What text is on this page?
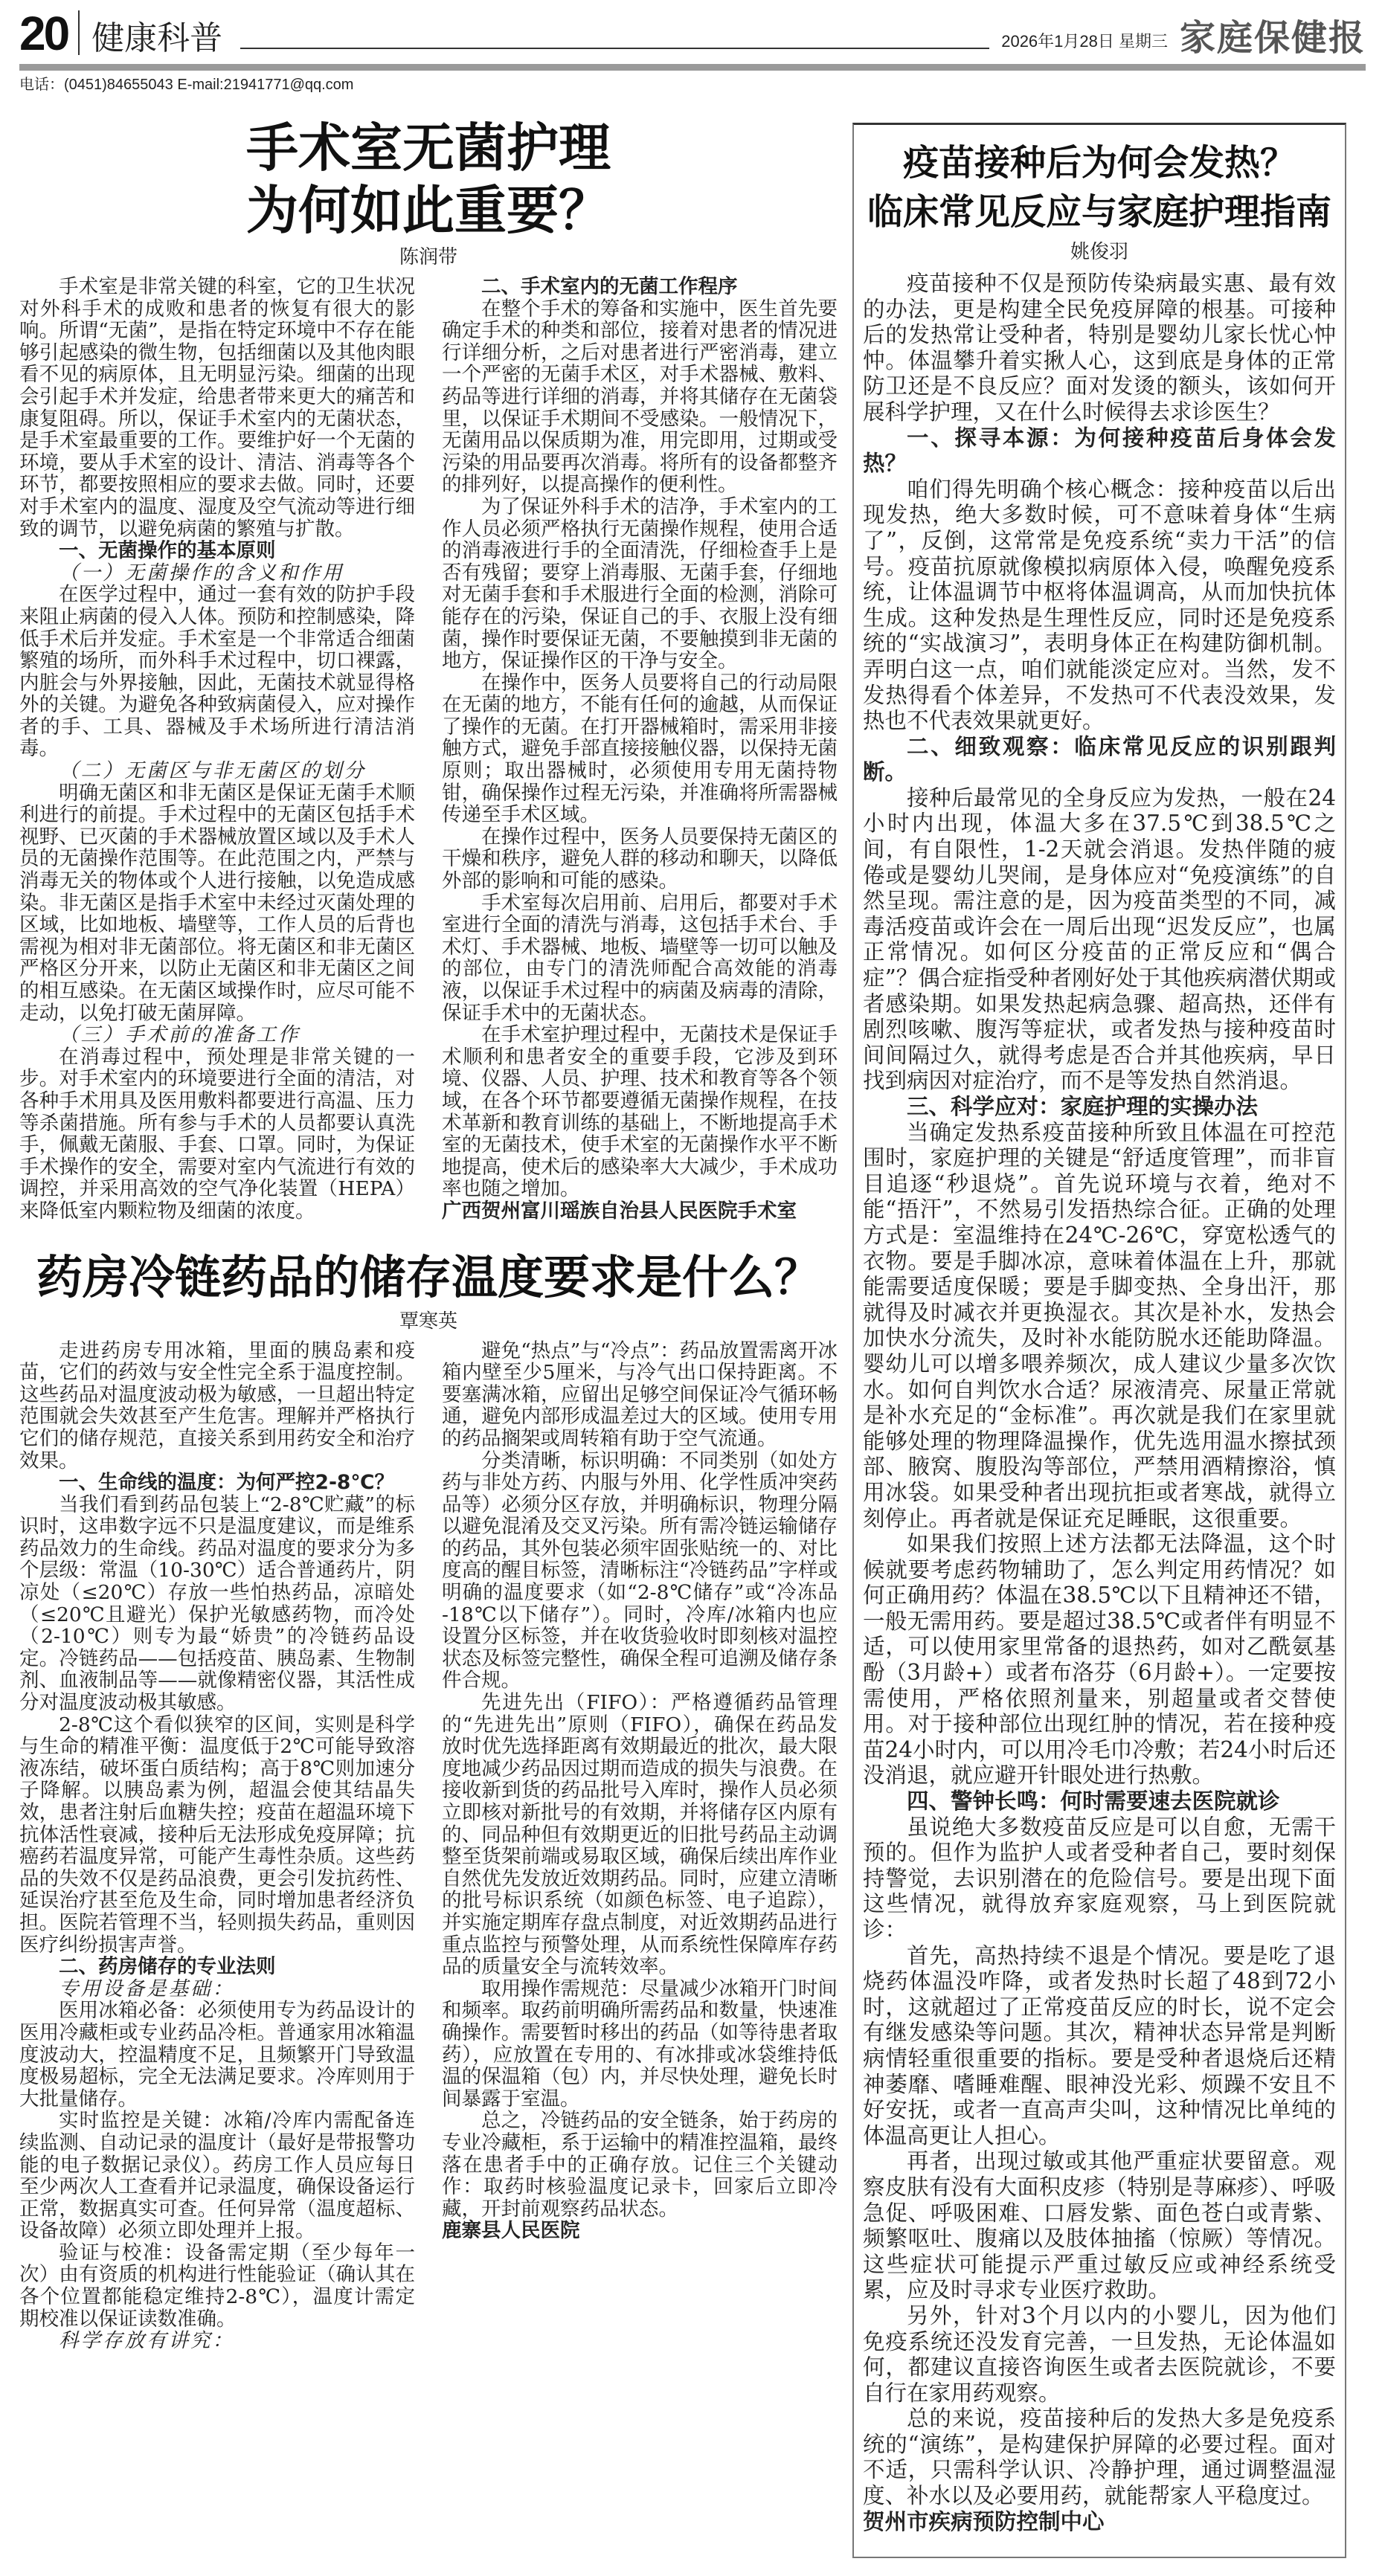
20 健康科普	2026年1月28日 星期三 家庭保健报
电话：(0451)84655043 E-mail:21941771@qq.com
手术室无菌护理
为何如此重要？
陈润带

手术室是非常关键的科室，它的卫生状况对外科手术的成败和患者的恢复有很大的影响。所谓“无菌”，是指在特定环境中不存在能够引起感染的微生物，包括细菌以及其他肉眼看不见的病原体，且无明显污染。细菌的出现会引起手术并发症，给患者带来更大的痛苦和康复阻碍。所以，保证手术室内的无菌状态，是手术室最重要的工作。要维护好一个无菌的环境，要从手术室的设计、清洁、消毒等各个环节，都要按照相应的要求去做。同时，还要对手术室内的温度、湿度及空气流动等进行细致的调节，以避免病菌的繁殖与扩散。

一、无菌操作的基本原则

（一）无菌操作的含义和作用

在医学过程中，通过一套有效的防护手段来阻止病菌的侵入人体。预防和控制感染，降低手术后并发症。手术室是一个非常适合细菌繁殖的场所，而外科手术过程中，切口裸露，内脏会与外界接触，因此，无菌技术就显得格外的关键。为避免各种致病菌侵入，应对操作者的手、工具、器械及手术场所进行清洁消毒。

（二）无菌区与非无菌区的划分

明确无菌区和非无菌区是保证无菌手术顺利进行的前提。手术过程中的无菌区包括手术视野、已灭菌的手术器械放置区域以及手术人员的无菌操作范围等。在此范围之内，严禁与消毒无关的物体或个人进行接触，以免造成感染。非无菌区是指手术室中未经过灭菌处理的区域，比如地板、墙壁等，工作人员的后背也需视为相对非无菌部位。将无菌区和非无菌区严格区分开来，以防止无菌区和非无菌区之间的相互感染。在无菌区域操作时，应尽可能不走动，以免打破无菌屏障。

（三）手术前的准备工作

在消毒过程中，预处理是非常关键的一步。对手术室内的环境要进行全面的清洁，对各种手术用具及医用敷料都要进行高温、压力等杀菌措施。所有参与手术的人员都要认真洗手，佩戴无菌服、手套、口罩。同时，为保证手术操作的安全，需要对室内气流进行有效的调控，并采用高效的空气净化装置（HEPA）来降低室内颗粒物及细菌的浓度。

二、手术室内的无菌工作程序

在整个手术的筹备和实施中，医生首先要确定手术的种类和部位，接着对患者的情况进行详细分析，之后对患者进行严密消毒，建立一个严密的无菌手术区，对手术器械、敷料、药品等进行详细的消毒，并将其储存在无菌袋里，以保证手术期间不受感染。一般情况下，无菌用品以保质期为准，用完即用，过期或受污染的用品要再次消毒。将所有的设备都整齐的排列好，以提高操作的便利性。

为了保证外科手术的洁净，手术室内的工作人员必须严格执行无菌操作规程，使用合适的消毒液进行手的全面清洗，仔细检查手上是否有残留；要穿上消毒服、无菌手套，仔细地对无菌手套和手术服进行全面的检测，消除可能存在的污染，保证自己的手、衣服上没有细菌，操作时要保证无菌，不要触摸到非无菌的地方，保证操作区的干净与安全。

在操作中，医务人员要将自己的行动局限在无菌的地方，不能有任何的逾越，从而保证了操作的无菌。在打开器械箱时，需采用非接触方式，避免手部直接接触仪器，以保持无菌原则；取出器械时，必须使用专用无菌持物钳，确保操作过程无污染，并准确将所需器械传递至手术区域。

在操作过程中，医务人员要保持无菌区的干燥和秩序，避免人群的移动和聊天，以降低外部的影响和可能的感染。

手术室每次启用前、启用后，都要对手术室进行全面的清洗与消毒，这包括手术台、手术灯、手术器械、地板、墙壁等一切可以触及的部位，由专门的清洗师配合高效能的消毒液，以保证手术过程中的病菌及病毒的清除，保证手术中的无菌状态。

在手术室护理过程中，无菌技术是保证手术顺利和患者安全的重要手段，它涉及到环境、仪器、人员、护理、技术和教育等各个领域，在各个环节都要遵循无菌操作规程，在技术革新和教育训练的基础上，不断地提高手术室的无菌技术，使手术室的无菌操作水平不断地提高，使术后的感染率大大减少，手术成功率也随之增加。

广西贺州富川瑶族自治县人民医院手术室

药房冷链药品的储存温度要求是什么？
覃寒英

走进药房专用冰箱，里面的胰岛素和疫苗，它们的药效与安全性完全系于温度控制。这些药品对温度波动极为敏感，一旦超出特定范围就会失效甚至产生危害。理解并严格执行它们的储存规范，直接关系到用药安全和治疗效果。

一、生命线的温度：为何严控2-8℃？

当我们看到药品包装上“2-8℃贮藏”的标识时，这串数字远不只是温度建议，而是维系药品效力的生命线。药品对温度的要求分为多个层级：常温（10-30℃）适合普通药片，阴凉处（≤20℃）存放一些怕热药品，凉暗处（≤20℃且避光）保护光敏感药物，而冷处（2-10℃）则专为最“娇贵”的冷链药品设定。冷链药品——包括疫苗、胰岛素、生物制剂、血液制品等——就像精密仪器，其活性成分对温度波动极其敏感。

2-8℃这个看似狭窄的区间，实则是科学与生命的精准平衡：温度低于2℃可能导致溶液冻结，破坏蛋白质结构；高于8℃则加速分子降解。以胰岛素为例，超温会使其结晶失效，患者注射后血糖失控；疫苗在超温环境下抗体活性衰减，接种后无法形成免疫屏障；抗癌药若温度异常，可能产生毒性杂质。这些药品的失效不仅是药品浪费，更会引发抗药性、延误治疗甚至危及生命，同时增加患者经济负担。医院若管理不当，轻则损失药品，重则因医疗纠纷损害声誉。

二、药房储存的专业法则

专用设备是基础：

医用冰箱必备：必须使用专为药品设计的医用冷藏柜或专业药品冷柜。普通家用冰箱温度波动大，控温精度不足，且频繁开门导致温度极易超标，完全无法满足要求。冷库则用于大批量储存。

实时监控是关键：冰箱/冷库内需配备连续监测、自动记录的温度计（最好是带报警功能的电子数据记录仪）。药房工作人员应每日至少两次人工查看并记录温度，确保设备运行正常，数据真实可查。任何异常（温度超标、设备故障）必须立即处理并上报。

验证与校准：设备需定期（至少每年一次）由有资质的机构进行性能验证（确认其在各个位置都能稳定维持2-8℃），温度计需定期校准以保证读数准确。

科学存放有讲究：

避免“热点”与“冷点”：药品放置需离开冰箱内壁至少5厘米，与冷气出口保持距离。不要塞满冰箱，应留出足够空间保证冷气循环畅通，避免内部形成温差过大的区域。使用专用的药品搁架或周转箱有助于空气流通。

分类清晰，标识明确：不同类别（如处方药与非处方药、内服与外用、化学性质冲突药品等）必须分区存放，并明确标识，物理分隔以避免混淆及交叉污染。所有需冷链运输储存的药品，其外包装必须牢固张贴统一的、对比度高的醒目标签，清晰标注“冷链药品”字样或明确的温度要求（如“2-8℃储存”或“冷冻品 -18℃以下储存”）。同时，冷库/冰箱内也应设置分区标签，并在收货验收时即刻核对温控状态及标签完整性，确保全程可追溯及储存条件合规。

先进先出（FIFO）：严格遵循药品管理的“先进先出”原则（FIFO），确保在药品发放时优先选择距离有效期最近的批次，最大限度地减少药品因过期而造成的损失与浪费。在接收新到货的药品批号入库时，操作人员必须立即核对新批号的有效期，并将储存区内原有的、同品种但有效期更近的旧批号药品主动调整至货架前端或易取区域，确保后续出库作业自然优先发放近效期药品。同时，应建立清晰的批号标识系统（如颜色标签、电子追踪），并实施定期库存盘点制度，对近效期药品进行重点监控与预警处理，从而系统性保障库存药品的质量安全与流转效率。

取用操作需规范：尽量减少冰箱开门时间和频率。取药前明确所需药品和数量，快速准确操作。需要暂时移出的药品（如等待患者取药），应放置在专用的、有冰排或冰袋维持低温的保温箱（包）内，并尽快处理，避免长时间暴露于室温。

总之，冷链药品的安全链条，始于药房的专业冷藏柜，系于运输中的精准控温箱，最终落在患者手中的正确存放。记住三个关键动作：取药时核验温度记录卡，回家后立即冷藏，开封前观察药品状态。

鹿寨县人民医院

疫苗接种后为何会发热？
临床常见反应与家庭护理指南
姚俊羽

疫苗接种不仅是预防传染病最实惠、最有效的办法，更是构建全民免疫屏障的根基。可接种后的发热常让受种者，特别是婴幼儿家长忧心忡忡。体温攀升着实揪人心，这到底是身体的正常防卫还是不良反应？面对发烫的额头，该如何开展科学护理，又在什么时候得去求诊医生？

一、探寻本源：为何接种疫苗后身体会发热？

咱们得先明确个核心概念：接种疫苗以后出现发热，绝大多数时候，可不意味着身体“生病了”，反倒，这常常是免疫系统“卖力干活”的信号。疫苗抗原就像模拟病原体入侵，唤醒免疫系统，让体温调节中枢将体温调高，从而加快抗体生成。这种发热是生理性反应，同时还是免疫系统的“实战演习”，表明身体正在构建防御机制。弄明白这一点，咱们就能淡定应对。当然，发不发热得看个体差异，不发热可不代表没效果，发热也不代表效果就更好。

二、细致观察：临床常见反应的识别跟判断。

接种后最常见的全身反应为发热，一般在24小时内出现，体温大多在37.5℃到38.5℃之间，有自限性，1-2天就会消退。发热伴随的疲倦或是婴幼儿哭闹，是身体应对“免疫演练”的自然呈现。需注意的是，因为疫苗类型的不同，减毒活疫苗或许会在一周后出现“迟发反应”，也属正常情况。如何区分疫苗的正常反应和“偶合症”？偶合症指受种者刚好处于其他疾病潜伏期或者感染期。如果发热起病急骤、超高热，还伴有剧烈咳嗽、腹泻等症状，或者发热与接种疫苗时间间隔过久，就得考虑是否合并其他疾病，早日找到病因对症治疗，而不是等发热自然消退。

三、科学应对：家庭护理的实操办法

当确定发热系疫苗接种所致且体温在可控范围时，家庭护理的关键是“舒适度管理”，而非盲目追逐“秒退烧”。首先说环境与衣着，绝对不能“捂汗”，不然易引发捂热综合征。正确的处理方式是：室温维持在24℃-26℃，穿宽松透气的衣物。要是手脚冰凉，意味着体温在上升，那就能需要适度保暖；要是手脚变热、全身出汗，那就得及时减衣并更换湿衣。其次是补水，发热会加快水分流失，及时补水能防脱水还能助降温。婴幼儿可以增多喂养频次，成人建议少量多次饮水。如何自判饮水合适？尿液清亮、尿量正常就是补水充足的“金标准”。再次就是我们在家里就能够处理的物理降温操作，优先选用温水擦拭颈部、腋窝、腹股沟等部位，严禁用酒精擦浴，慎用冰袋。如果受种者出现抗拒或者寒战，就得立刻停止。再者就是保证充足睡眠，这很重要。

如果我们按照上述方法都无法降温，这个时候就要考虑药物辅助了，怎么判定用药情况？如何正确用药？体温在38.5℃以下且精神还不错，一般无需用药。要是超过38.5℃或者伴有明显不适，可以使用家里常备的退热药，如对乙酰氨基酚（3月龄+）或者布洛芬（6月龄+）。一定要按需使用，严格依照剂量来，别超量或者交替使用。对于接种部位出现红肿的情况，若在接种疫苗24小时内，可以用冷毛巾冷敷；若24小时后还没消退，就应避开针眼处进行热敷。

四、警钟长鸣：何时需要速去医院就诊

虽说绝大多数疫苗反应是可以自愈，无需干预的。但作为监护人或者受种者自己，要时刻保持警觉，去识别潜在的危险信号。要是出现下面这些情况，就得放弃家庭观察，马上到医院就诊：

首先，高热持续不退是个情况。要是吃了退烧药体温没咋降，或者发热时长超了48到72小时，这就超过了正常疫苗反应的时长，说不定会有继发感染等问题。其次，精神状态异常是判断病情轻重很重要的指标。要是受种者退烧后还精神萎靡、嗜睡难醒、眼神没光彩、烦躁不安且不好安抚，或者一直高声尖叫，这种情况比单纯的体温高更让人担心。

再者，出现过敏或其他严重症状要留意。观察皮肤有没有大面积皮疹（特别是荨麻疹）、呼吸急促、呼吸困难、口唇发紫、面色苍白或青紫、频繁呕吐、腹痛以及肢体抽搐（惊厥）等情况。这些症状可能提示严重过敏反应或神经系统受累，应及时寻求专业医疗救助。

另外，针对3个月以内的小婴儿，因为他们免疫系统还没发育完善，一旦发热，无论体温如何，都建议直接咨询医生或者去医院就诊，不要自行在家用药观察。

总的来说，疫苗接种后的发热大多是免疫系统的“演练”，是构建保护屏障的必要过程。面对不适，只需科学认识、冷静护理，通过调整温湿度、补水以及必要用药，就能帮家人平稳度过。

贺州市疾病预防控制中心
